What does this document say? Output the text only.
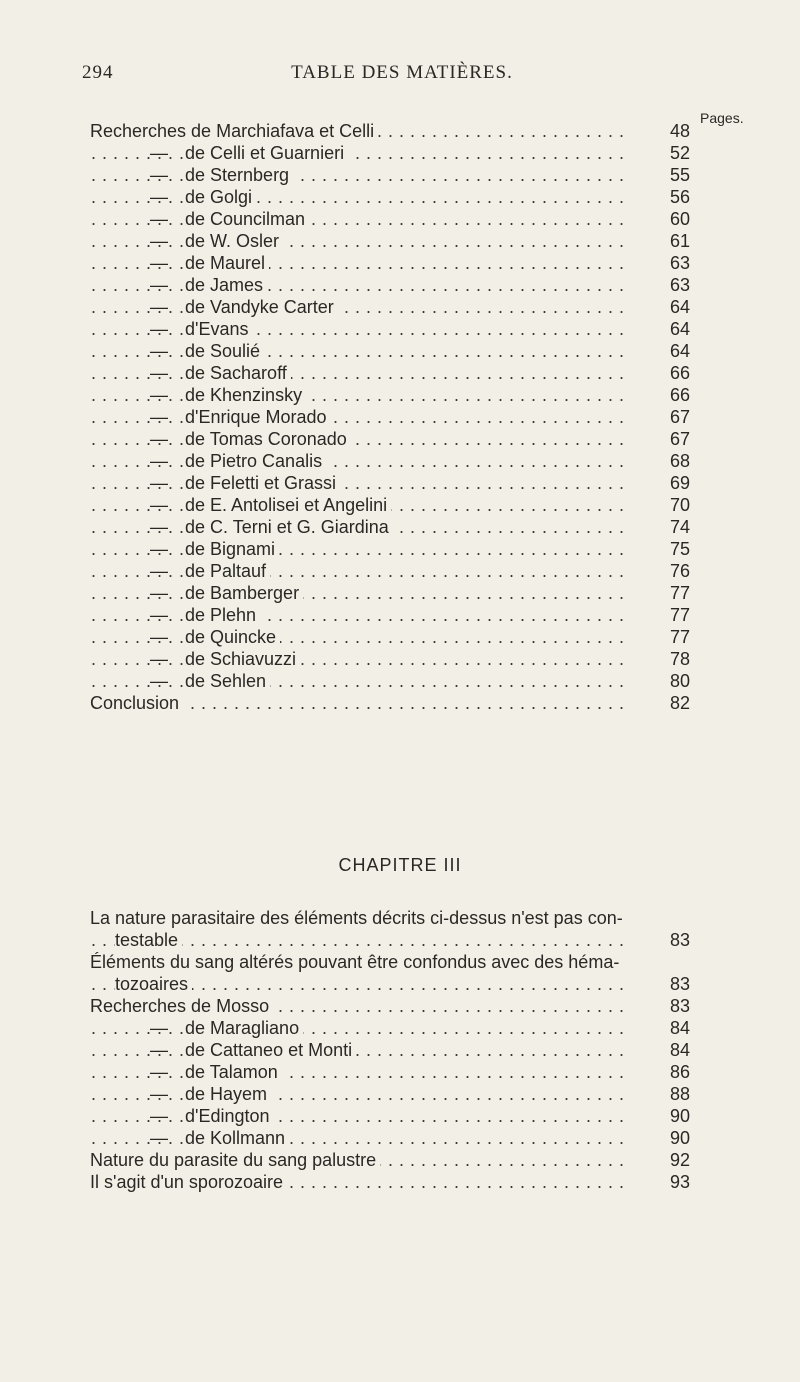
294	TABLE DES MATIÈRES.
Pages.
.....
Recherches de Marchiafava et Celli	48
— ..... de Celli et Guarnieri	52
— ..... de Sternberg	55
— ..... de Golgi	56
— ..... de Councilman	60
— ..... de W. Osler	61
— ..... de Maurel	63
— ..... de James	63
— ..... de Vandyke Carter	64
— ..... d'Evans	64
— ..... de Soulié	64
— ..... de Sacharoff	66
— ..... de Khenzinsky	66
— ..... d'Enrique Morado	67
— ..... de Tomas Coronado	67
— ..... de Pietro Canalis	68
— ..... de Feletti et Grassi	69
— ..... de E. Antolisei et Angelini	70
— ..... de C. Terni et G. Giardina	74
— ..... de Bignami	75
— ..... de Paltauf	76
— ..... de Bamberger	77
— ..... de Plehn	77
— ..... de Quincke	77
— ..... de Schiavuzzi	78
— ..... de Sehlen	80
.....
Conclusion	82
CHAPITRE III
La nature parasitaire des éléments décrits ci-dessus n'est pas con-
.....
testable	83
Éléments du sang altérés pouvant être confondus avec des héma-
.....
tozoaires	83
.....
Recherches de Mosso	83
— ..... de Maragliano	84
— ..... de Cattaneo et Monti	84
— ..... de Talamon	86
— ..... de Hayem	88
— ..... d'Edington	90
— ..... de Kollmann	90
.....
Nature du parasite du sang palustre	92
.....
Il s'agit d'un sporozoaire	93
